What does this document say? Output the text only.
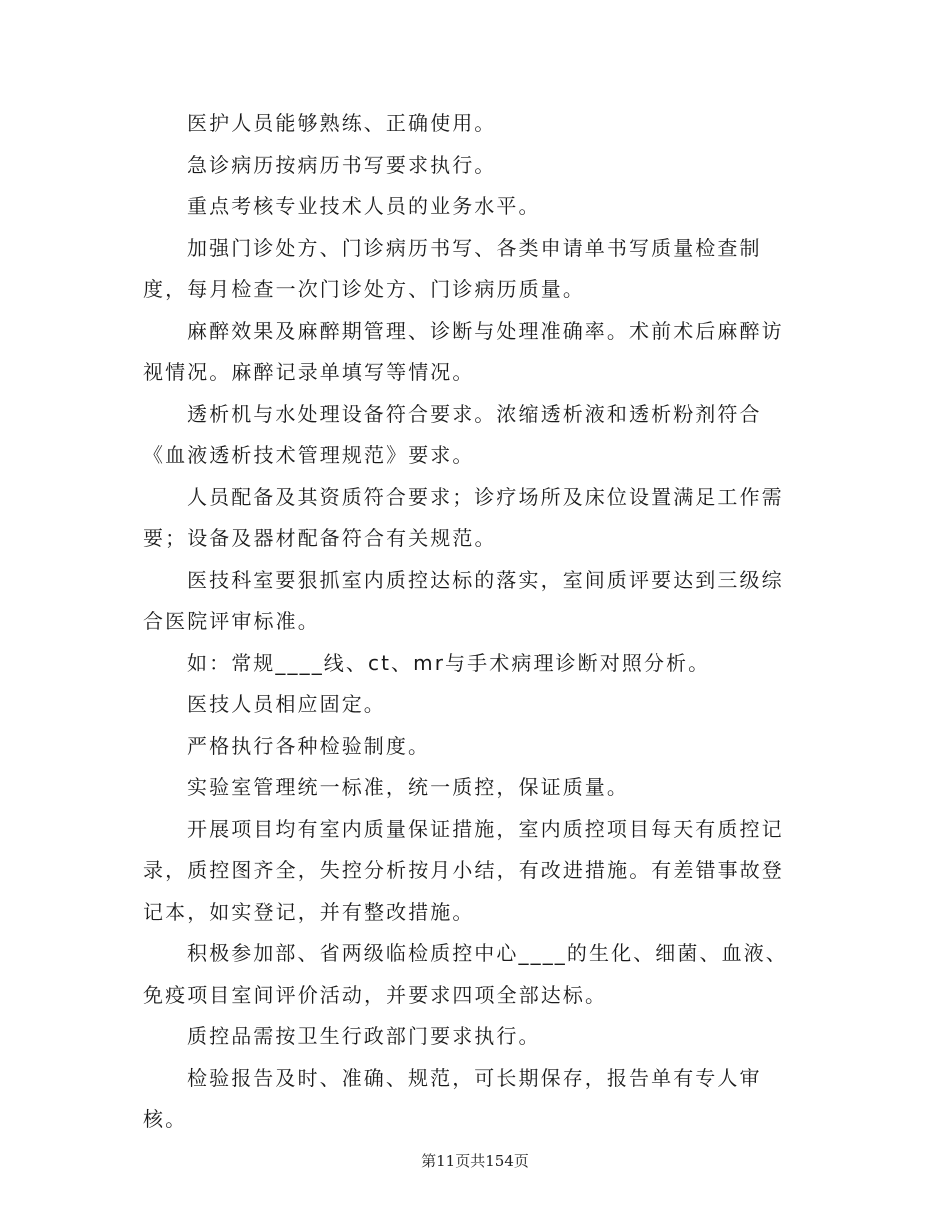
医护人员能够熟练、正确使用。

急诊病历按病历书写要求执行。

重点考核专业技术人员的业务水平。

加强门诊处方、门诊病历书写、各类申请单书写质量检查制度，每月检查一次门诊处方、门诊病历质量。

麻醉效果及麻醉期管理、诊断与处理准确率。术前术后麻醉访视情况。麻醉记录单填写等情况。

透析机与水处理设备符合要求。浓缩透析液和透析粉剂符合《血液透析技术管理规范》要求。

人员配备及其资质符合要求；诊疗场所及床位设置满足工作需要；设备及器材配备符合有关规范。

医技科室要狠抓室内质控达标的落实，室间质评要达到三级综合医院评审标准。

如：常规____线、ct、mr与手术病理诊断对照分析。

医技人员相应固定。

严格执行各种检验制度。

实验室管理统一标准，统一质控，保证质量。

开展项目均有室内质量保证措施，室内质控项目每天有质控记录，质控图齐全，失控分析按月小结，有改进措施。有差错事故登记本，如实登记，并有整改措施。

积极参加部、省两级临检质控中心____的生化、细菌、血液、免疫项目室间评价活动，并要求四项全部达标。

质控品需按卫生行政部门要求执行。

检验报告及时、准确、规范，可长期保存，报告单有专人审核。

第11页共154页
